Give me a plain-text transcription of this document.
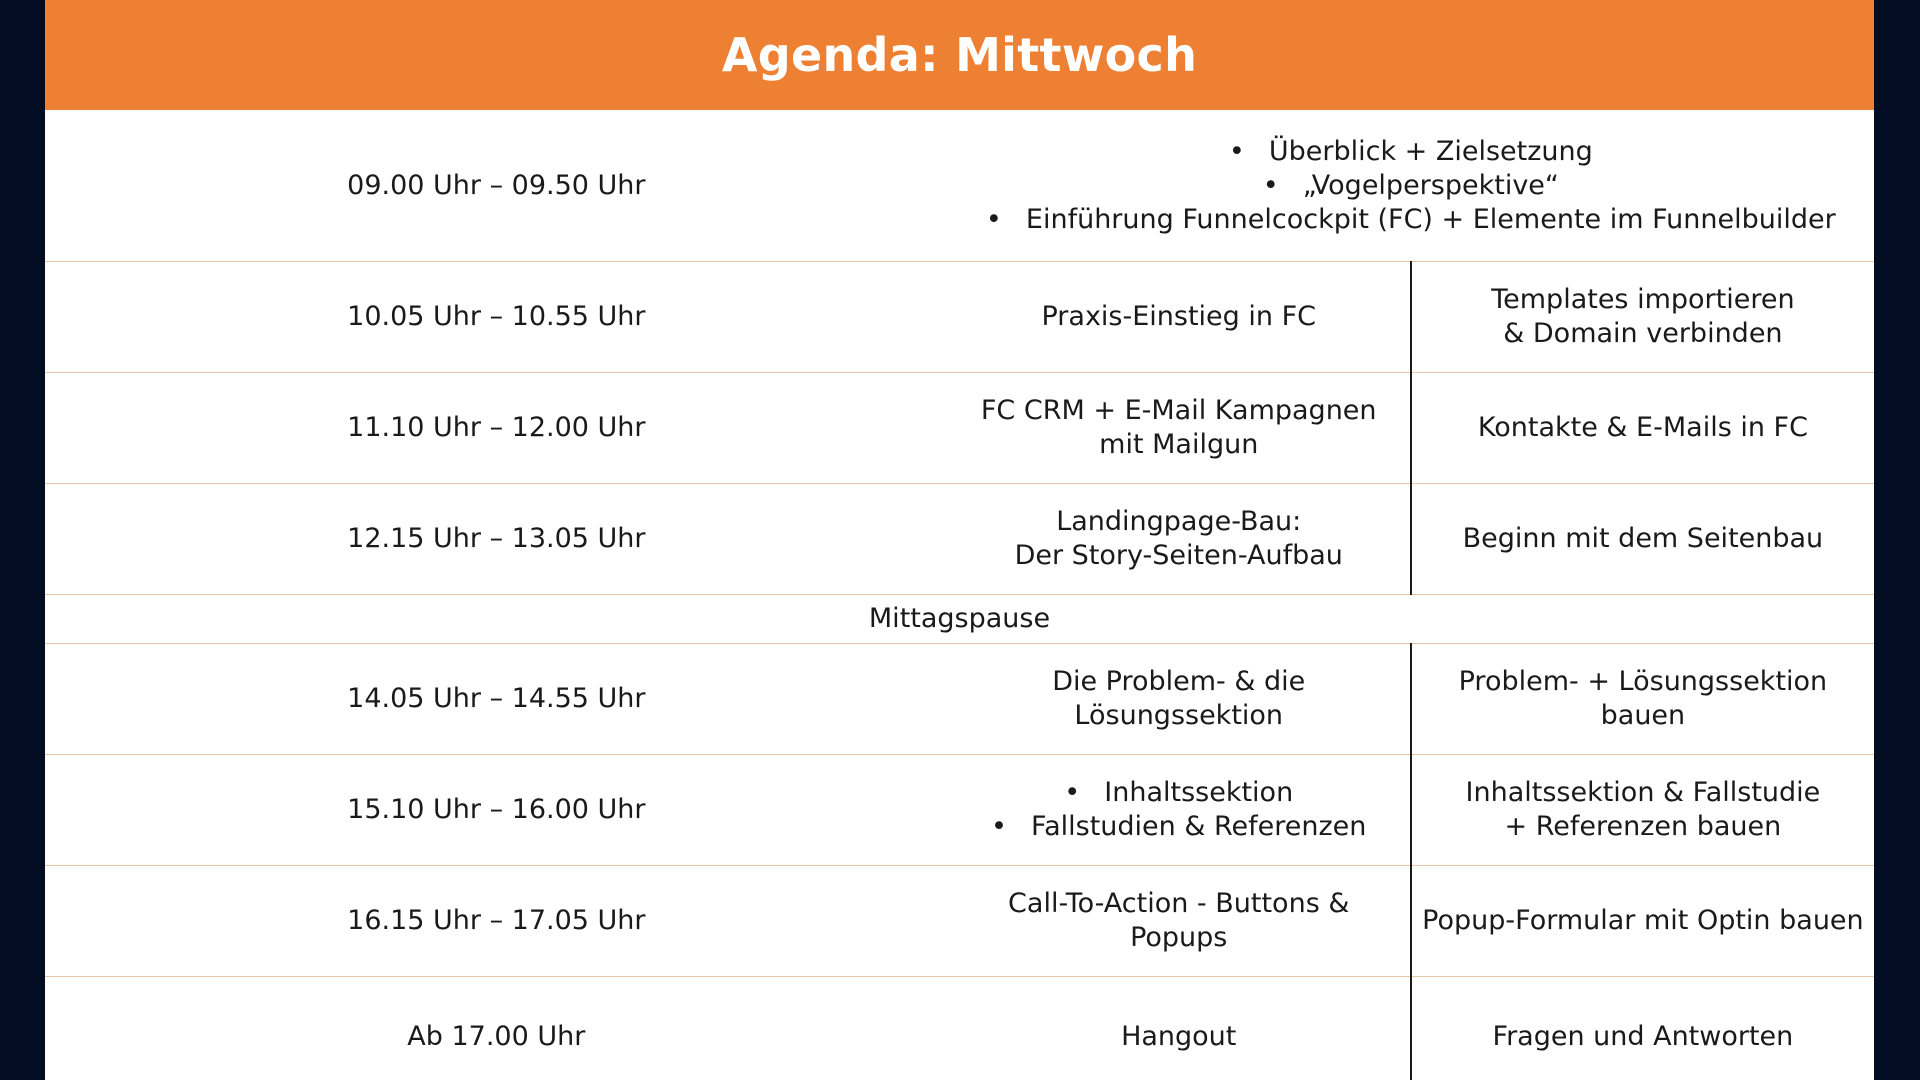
Agenda: Mittwoch
09.00 Uhr – 09.50 Uhr	• Überblick + Zielsetzung
• „Vogelperspektive“
• Einführung Funnelcockpit (FC) + Elemente im Funnelbuilder	

10.05 Uhr – 10.55 Uhr	Praxis-Einstieg in FC	Templates importieren
& Domain verbinden

11.10 Uhr – 12.00 Uhr	FC CRM + E-Mail Kampagnen
mit Mailgun	Kontakte & E-Mails in FC

12.15 Uhr – 13.05 Uhr	Landingpage-Bau:
Der Story-Seiten-Aufbau	Beginn mit dem Seitenbau

Mittagspause		
14.05 Uhr – 14.55 Uhr	Die Problem- & die Lösungssektion	Problem- + Lösungssektion bauen

15.10 Uhr – 16.00 Uhr	• Inhaltssektion
• Fallstudien & Referenzen	Inhaltssektion & Fallstudie
+ Referenzen bauen

16.15 Uhr – 17.05 Uhr	Call-To-Action - Buttons & Popups	Popup-Formular mit Optin bauen

Ab 17.00 Uhr	Hangout	Fragen und Antworten
